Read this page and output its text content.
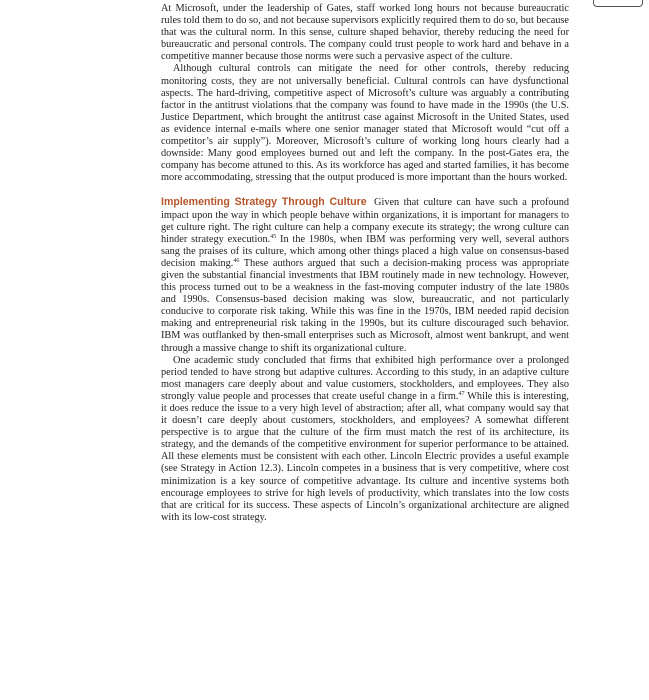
At Microsoft, under the leadership of Gates, staff worked long hours not because bureaucratic rules told them to do so, and not because supervisors explicitly required them to do so, but because that was the cultural norm. In this sense, culture shaped behavior, thereby reducing the need for bureaucratic and personal controls. The company could trust people to work hard and behave in a competitive manner because those norms were such a pervasive aspect of the culture.

Although cultural controls can mitigate the need for other controls, thereby reducing monitoring costs, they are not universally beneficial. Cultural controls can have dysfunctional aspects. The hard-driving, competitive aspect of Microsoft’s culture was arguably a contributing factor in the antitrust violations that the company was found to have made in the 1990s (the U.S. Justice Department, which brought the antitrust case against Microsoft in the United States, used as evidence internal e-mails where one senior manager stated that Microsoft would “cut off a competitor’s air supply”). Moreover, Microsoft’s culture of working long hours clearly had a downside: Many good employees burned out and left the company. In the post-Gates era, the company has become attuned to this. As its workforce has aged and started families, it has become more accommodating, stressing that the output produced is more important than the hours worked.

Implementing Strategy Through Culture Given that culture can have such a profound impact upon the way in which people behave within organizations, it is important for managers to get culture right. The right culture can help a company execute its strategy; the wrong culture can hinder strategy execution.$^{45}$ In the 1980s, when IBM was performing very well, several authors sang the praises of its culture, which among other things placed a high value on consensus-based decision making.$^{46}$ These authors argued that such a decision-making process was appropriate given the substantial financial investments that IBM routinely made in new technology. However, this process turned out to be a weakness in the fast-moving computer industry of the late 1980s and 1990s. Consensus-based decision making was slow, bureaucratic, and not particularly conducive to corporate risk taking. While this was fine in the 1970s, IBM needed rapid decision making and entrepreneurial risk taking in the 1990s, but its culture discouraged such behavior. IBM was outflanked by then-small enterprises such as Microsoft, almost went bankrupt, and went through a massive change to shift its organizational culture.

One academic study concluded that firms that exhibited high performance over a prolonged period tended to have strong but adaptive cultures. According to this study, in an adaptive culture most managers care deeply about and value customers, stockholders, and employees. They also strongly value people and processes that create useful change in a firm.$^{47}$ While this is interesting, it does reduce the issue to a very high level of abstraction; after all, what company would say that it doesn’t care deeply about customers, stockholders, and employees? A somewhat different perspective is to argue that the culture of the firm must match the rest of its architecture, its strategy, and the demands of the competitive environment for superior performance to be attained. All these elements must be consistent with each other. Lincoln Electric provides a useful example (see Strategy in Action 12.3). Lincoln competes in a business that is very competitive, where cost minimization is a key source of competitive advantage. Its culture and incentive systems both encourage employees to strive for high levels of productivity, which translates into the low costs that are critical for its success. These aspects of Lincoln’s organizational architecture are aligned with its low-cost strategy.
